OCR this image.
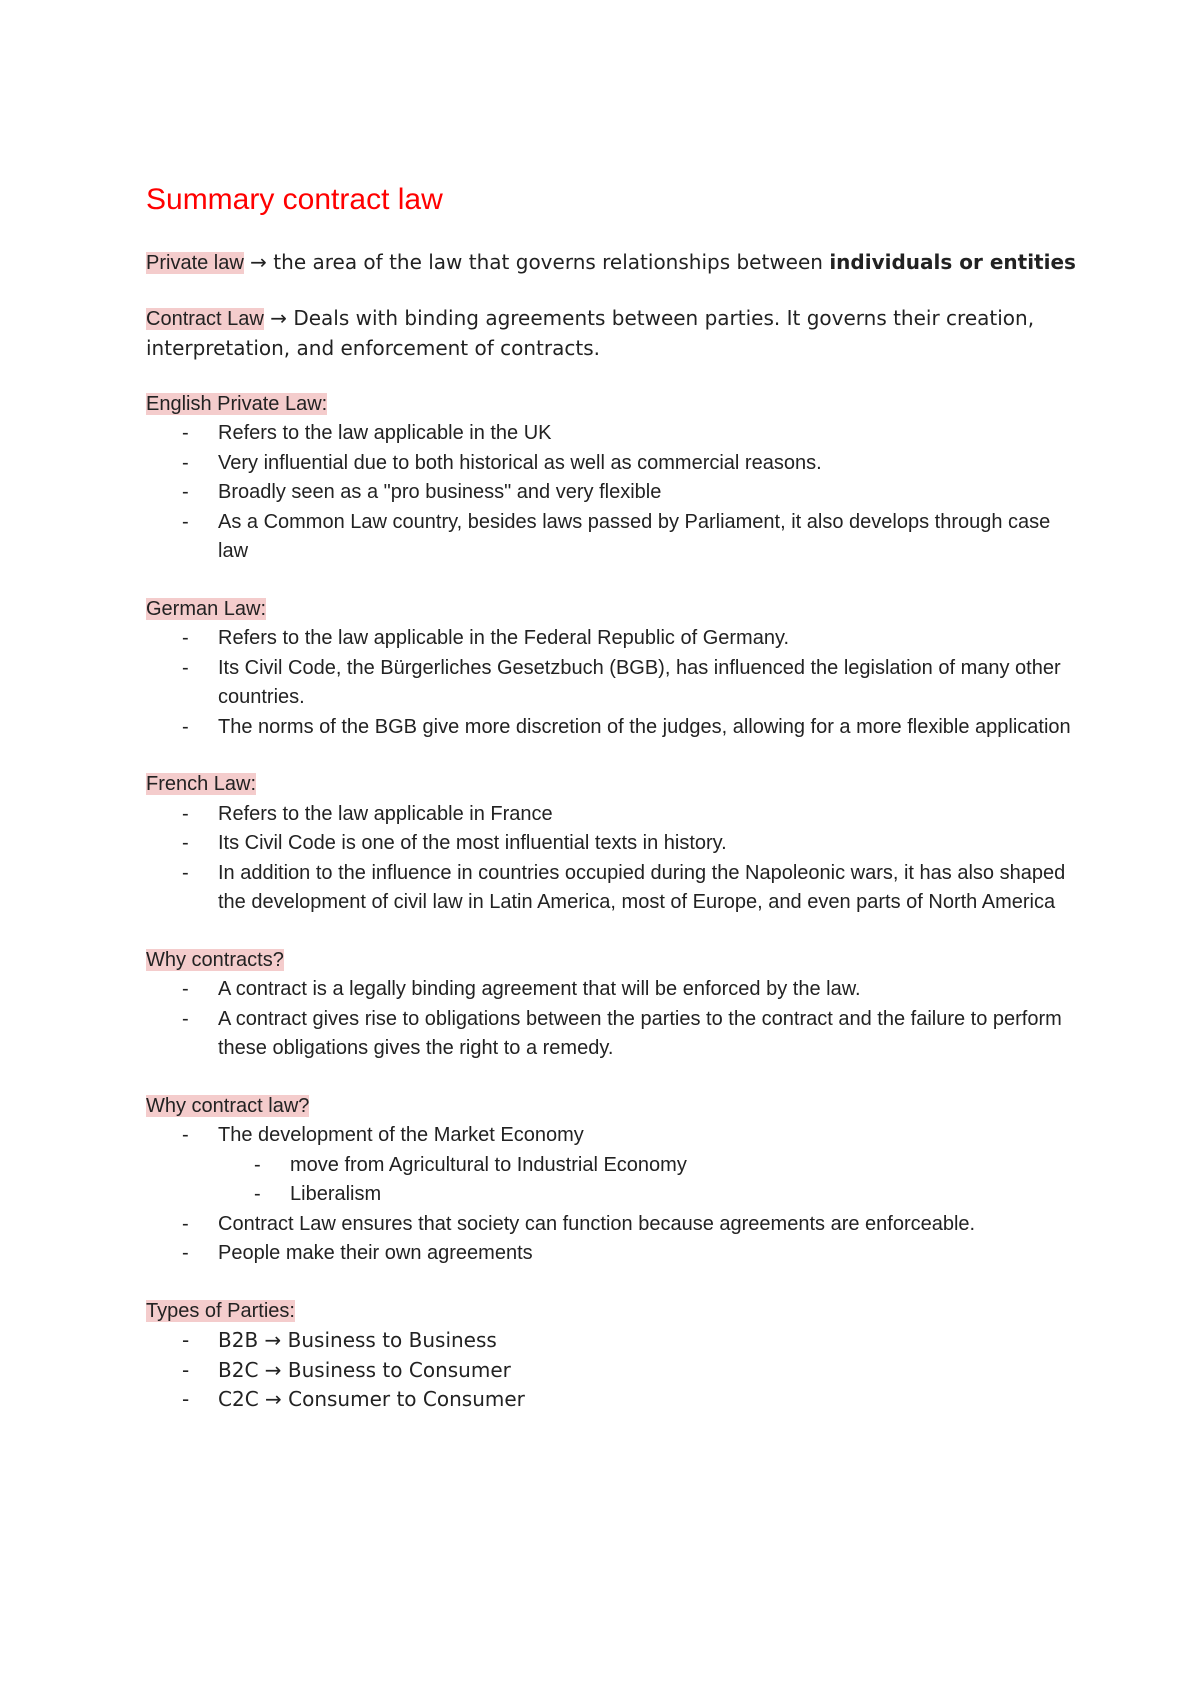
Summary contract law

Private law → the area of the law that governs relationships between individuals or entities

Contract Law → Deals with binding agreements between parties. It governs their creation, interpretation, and enforcement of contracts.

English Private Law:

- Refers to the law applicable in the UK
- Very influential due to both historical as well as commercial reasons.
- Broadly seen as a "pro business" and very flexible
- As a Common Law country, besides laws passed by Parliament, it also develops through case law

German Law:

- Refers to the law applicable in the Federal Republic of Germany.
- Its Civil Code, the Bürgerliches Gesetzbuch (BGB), has influenced the legislation of many other countries.
- The norms of the BGB give more discretion of the judges, allowing for a more flexible application

French Law:

- Refers to the law applicable in France
- Its Civil Code is one of the most influential texts in history.
- In addition to the influence in countries occupied during the Napoleonic wars, it has also shaped the development of civil law in Latin America, most of Europe, and even parts of North America

Why contracts?

- A contract is a legally binding agreement that will be enforced by the law.
- A contract gives rise to obligations between the parties to the contract and the failure to perform these obligations gives the right to a remedy.

Why contract law?

- The development of the Market Economy
- move from Agricultural to Industrial Economy
- Liberalism
- Contract Law ensures that society can function because agreements are enforceable.
- People make their own agreements

Types of Parties:

- B2B → Business to Business
- B2C → Business to Consumer
- C2C → Consumer to Consumer
